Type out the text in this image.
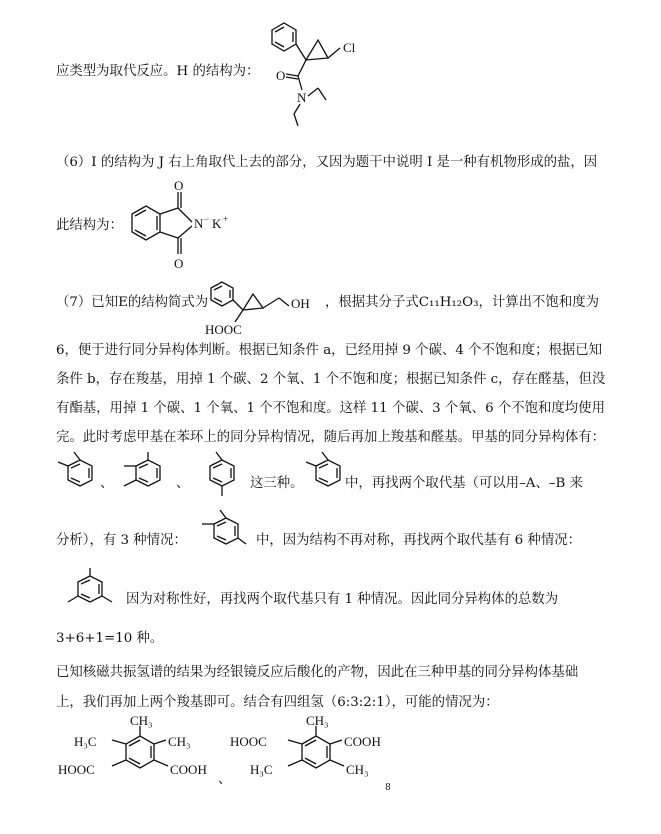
应类型为取代反应。H 的结构为：
Cl
O
N
（6）I 的结构为 J 右上角取代上去的部分，又因为题干中说明 I 是一种有机物形成的盐，因
此结构为：
O
O
N − K +
（7）已知E的结构简式为	OH
HOOC
，根据其分子式C₁₁H₁₂O₃，计算出不饱和度为
6，便于进行同分异构体判断。根据已知条件 a，已经用掉 9 个碳、4 个不饱和度；根据已知
条件 b，存在羧基，用掉 1 个碳、2 个氧、1 个不饱和度；根据已知条件 c，存在醛基，但没
有酯基，用掉 1 个碳、1 个氧、1 个不饱和度。这样 11 个碳、3 个氧、6 个不饱和度均使用
完。此时考虑甲基在苯环上的同分异构情况，随后再加上羧基和醛基。甲基的同分异构体有：
、	、	这三种。	中，再找两个取代基（可以用–A、–B 来
分析），有 3 种情况：	中，因为结构不再对称，再找两个取代基有 6 种情况：
因为对称性好，再找两个取代基只有 1 种情况。因此同分异构体的总数为
3+6+1=10 种。
已知核磁共振氢谱的结果为经银镜反应后酸化的产物，因此在三种甲基的同分异构体基础
上，我们再加上两个羧基即可。结合有四组氢（6:3:2:1），可能的情况为：
CH₃
H₃C	CH₃
HOOC	COOH
、
CH₃
HOOC	COOH
H₃C	CH₃
8
